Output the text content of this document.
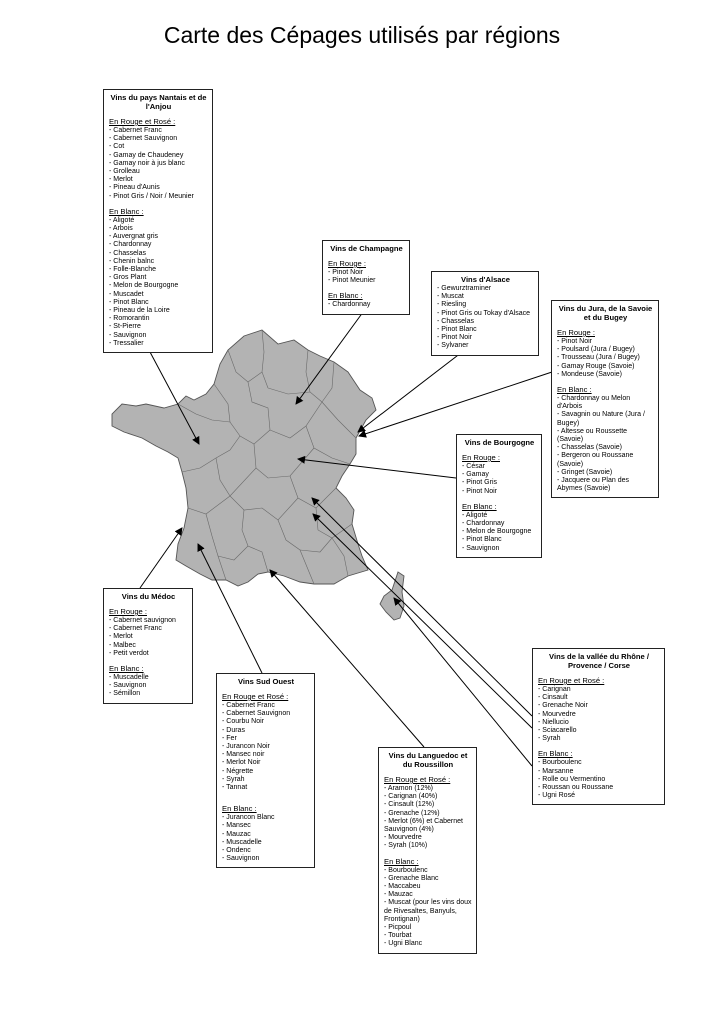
Carte des Cépages utilisés par régions
Vins du pays Nantais et de l'Anjou
En Rouge et Rosé :
- Cabernet Franc
- Cabernet Sauvignon
- Cot
- Gamay de Chaudeney
- Gamay noir à jus blanc
- Grolleau
- Merlot
- Pineau d'Aunis
- Pinot Gris / Noir / Meunier
En Blanc :
- Aligoté
- Arbois
- Auvergnat gris
- Chardonnay
- Chasselas
- Chenin balnc
- Folle-Blanche
- Gros Plant
- Melon de Bourgogne
- Muscadet
- Pinot Blanc
- Pineau de la Loire
- Romorantin
- St-Pierre
- Sauvignon
- Tressalier
Vins de Champagne
En Rouge :
- Pinot Noir
- Pinot Meunier
En Blanc :
- Chardonnay
Vins d'Alsace
- Gewurztraminer
- Muscat
- Riesling
- Pinot Gris ou Tokay d'Alsace
- Chasselas
- Pinot Blanc
- Pinot Noir
- Sylvaner
Vins du Jura, de la Savoie et du Bugey
En Rouge :
- Pinot Noir
- Poulsard (Jura / Bugey)
- Trousseau (Jura / Bugey)
- Gamay Rouge (Savoie)
- Mondeuse (Savoie)
En Blanc :
- Chardonnay ou Melon d'Arbois
- Savagnin ou Nature (Jura / Bugey)
- Altesse ou Roussette (Savoie)
- Chasselas (Savoie)
- Bergeron ou Roussane (Savoie)
- Gringet (Savoie)
- Jacquere ou Plan des Abymes (Savoie)
Vins de Bourgogne
En Rouge :
- César
- Gamay
- Pinot Gris
- Pinot Noir
En Blanc :
- Aligoté
- Chardonnay
- Melon de Bourgogne
- Pinot Blanc
- Sauvignon
Vins du Médoc
En Rouge :
- Cabernet sauvignon
- Cabernet Franc
- Merlot
- Malbec
- Petit verdot
En Blanc :
- Muscadelle
- Sauvignon
- Sémillon
Vins Sud Ouest
En Rouge et Rosé :
- Cabernet Franc
- Cabernet Sauvignon
- Courbu Noir
- Duras
- Fer
- Jurancon Noir
- Mansec noir
- Merlot Noir
- Négrette
- Syrah
- Tannat
En Blanc :
- Jurancon Blanc
- Mansec
- Mauzac
- Muscadelle
- Ondenc
- Sauvignon
Vins du Languedoc et du Roussillon
En Rouge et Rosé :
- Aramon (12%)
- Carignan (40%)
- Cinsault (12%)
- Grenache (12%)
- Merlot (6%) et Cabernet Sauvignon (4%)
- Mourvedre
- Syrah (10%)
En Blanc :
- Bourboulenc
- Grenache Blanc
- Maccabeu
- Mauzac
- Muscat (pour les vins doux de Rivesaltes, Banyuls, Frontignan)
- Picpoul
- Tourbat
- Ugni Blanc
Vins de la vallée du Rhône / Provence / Corse
En Rouge et Rosé :
- Carignan
- Cinsault
- Grenache Noir
- Mourvedre
- Niellucio
- Sciacarello
- Syrah
En Blanc :
- Bourboulenc
- Marsanne
- Rolle ou Vermentino
- Roussan ou Roussane
- Ugni Rosé
